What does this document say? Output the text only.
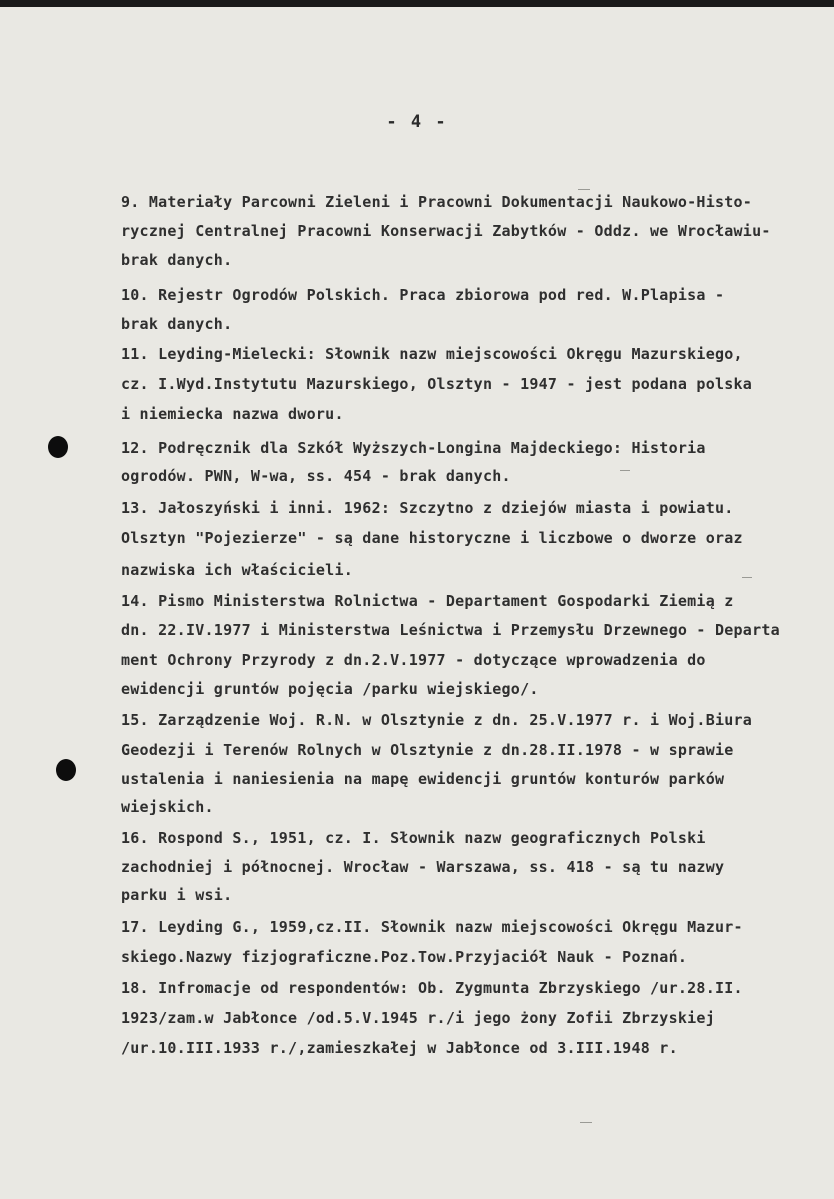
- 4 -
9. Materiały Parcowni Zieleni i Pracowni Dokumentacji Naukowo-Histo-
rycznej Centralnej Pracowni Konserwacji Zabytków - Oddz. we Wrocławiu-
brak danych.
10. Rejestr Ogrodów Polskich. Praca zbiorowa pod red. W.Plapisa -
brak danych.
11. Leyding-Mielecki: Słownik nazw miejscowości Okręgu Mazurskiego,
cz. I.Wyd.Instytutu Mazurskiego, Olsztyn - 1947 - jest podana polska
i niemiecka nazwa dworu.
12. Podręcznik dla Szkół Wyższych-Longina Majdeckiego: Historia
ogrodów. PWN, W-wa, ss. 454 - brak danych.
13. Jałoszyński i inni. 1962: Szczytno z dziejów miasta i powiatu.
Olsztyn "Pojezierze" - są dane historyczne i liczbowe o dworze oraz
nazwiska ich właścicieli.
14. Pismo Ministerstwa Rolnictwa - Departament Gospodarki Ziemią z
dn. 22.IV.1977 i Ministerstwa Leśnictwa i Przemysłu Drzewnego - Departa
ment Ochrony Przyrody z dn.2.V.1977 - dotyczące wprowadzenia do
ewidencji gruntów pojęcia /parku wiejskiego/.
15. Zarządzenie Woj. R.N. w Olsztynie z dn. 25.V.1977 r. i Woj.Biura
Geodezji i Terenów Rolnych w Olsztynie z dn.28.II.1978 - w sprawie
ustalenia i naniesienia na mapę ewidencji gruntów konturów parków
wiejskich.
16. Rospond S., 1951, cz. I. Słownik nazw geograficznych Polski
zachodniej i północnej. Wrocław - Warszawa, ss. 418 - są tu nazwy
parku i wsi.
17. Leyding G., 1959,cz.II. Słownik nazw miejscowości Okręgu Mazur-
skiego.Nazwy fizjograficzne.Poz.Tow.Przyjaciół Nauk - Poznań.
18. Infromacje od respondentów: Ob. Zygmunta Zbrzyskiego /ur.28.II.
1923/zam.w Jabłonce /od.5.V.1945 r./i jego żony Zofii Zbrzyskiej
/ur.10.III.1933 r./,zamieszkałej w Jabłonce od 3.III.1948 r.
